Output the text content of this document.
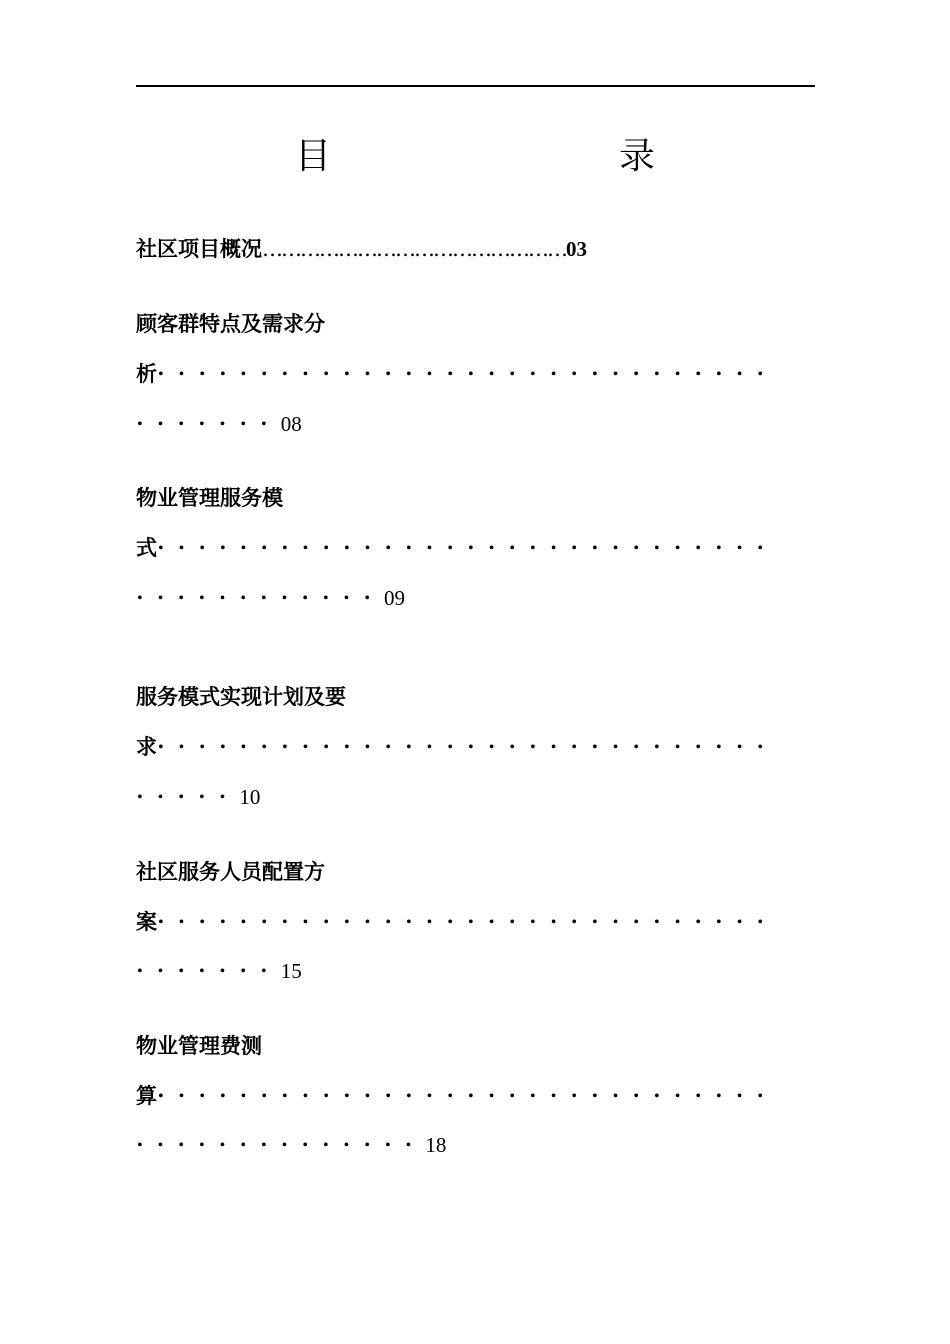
目　　录
社区项目概况…………………………………………03
顾客群特点及需求分
析••••••••••••••••••••••••••••••
•••••••08
物业管理服务模
式••••••••••••••••••••••••••••••
••••••••••••09
服务模式实现计划及要
求••••••••••••••••••••••••••••••
•••••10
社区服务人员配置方
案••••••••••••••••••••••••••••••
•••••••15
物业管理费测
算••••••••••••••••••••••••••••••
••••••••••••••18
